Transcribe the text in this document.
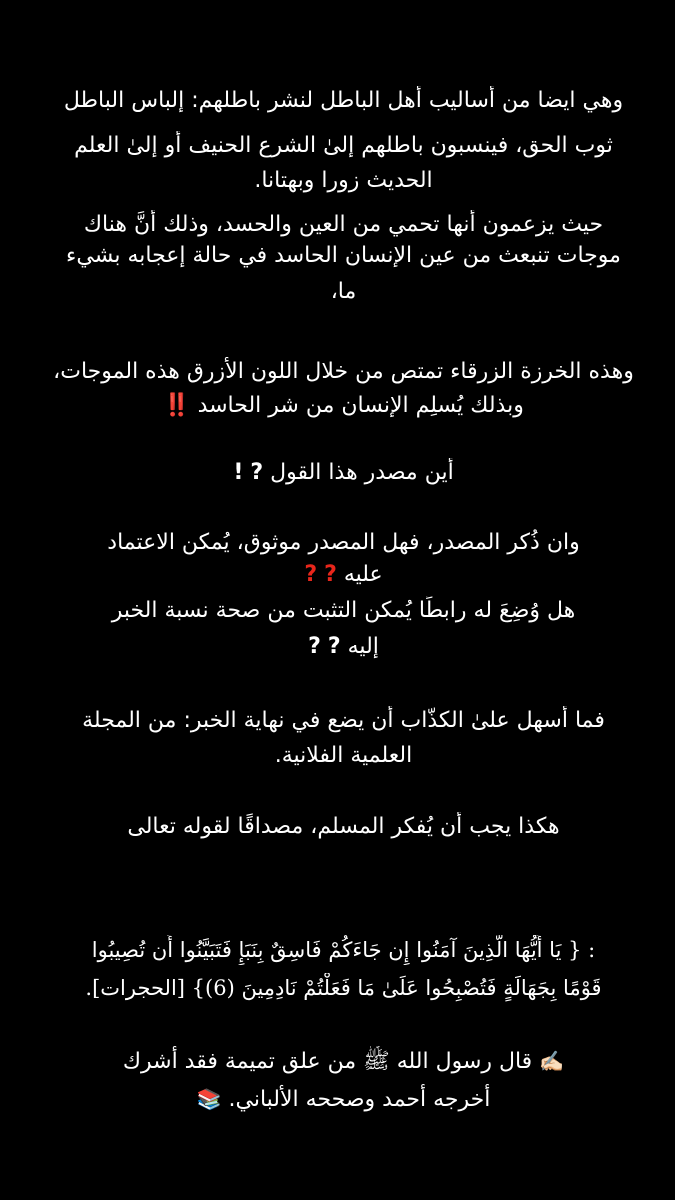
وهي ايضا من أساليب أهل الباطل لنشر باطلهم: إلباس الباطل
ثوب الحق، فينسبون باطلهم إلىٰ الشرع الحنيف أو إلىٰ العلم
الحديث زورا وبهتانا.
حيث يزعمون أنها تحمي من العين والحسد، وذلك أنَّ هناك
موجات تنبعث من عين الإنسان الحاسد في حالة إعجابه بشيء
ما،
وهذه الخرزة الزرقاء تمتص من خلال اللون الأزرق هذه الموجات،
وبذلك يُسلِم الإنسان من شر الحاسد ‼️
أين مصدر هذا القول ? !
وان ذُكر المصدر، فهل المصدر موثوق، يُمكن الاعتماد
عليه ? ?
هل وُضِعَ له رابطًا يُمكن التثبت من صحة نسبة الخبر
إليه ? ?
فما أسهل علىٰ الكذّاب أن يضع في نهاية الخبر: من المجلة
العلمية الفلانية.
هكذا يجب أن يُفكر المسلم، مصداقًا لقوله تعالى
: { يَا أَيُّهَا الَّذِينَ آمَنُوا إِن جَاءَكُمْ فَاسِقٌ بِنَبَإٍ فَتَبَيَّنُوا أَن تُصِيبُوا
قَوْمًا بِجَهَالَةٍ فَتُصْبِحُوا عَلَىٰ مَا فَعَلْتُمْ نَادِمِينَ (6)} [الحجرات].
✍🏻 قال رسول الله ﷺ من علق تميمة فقد أشرك
أخرجه أحمد وصححه الألباني. 📚
